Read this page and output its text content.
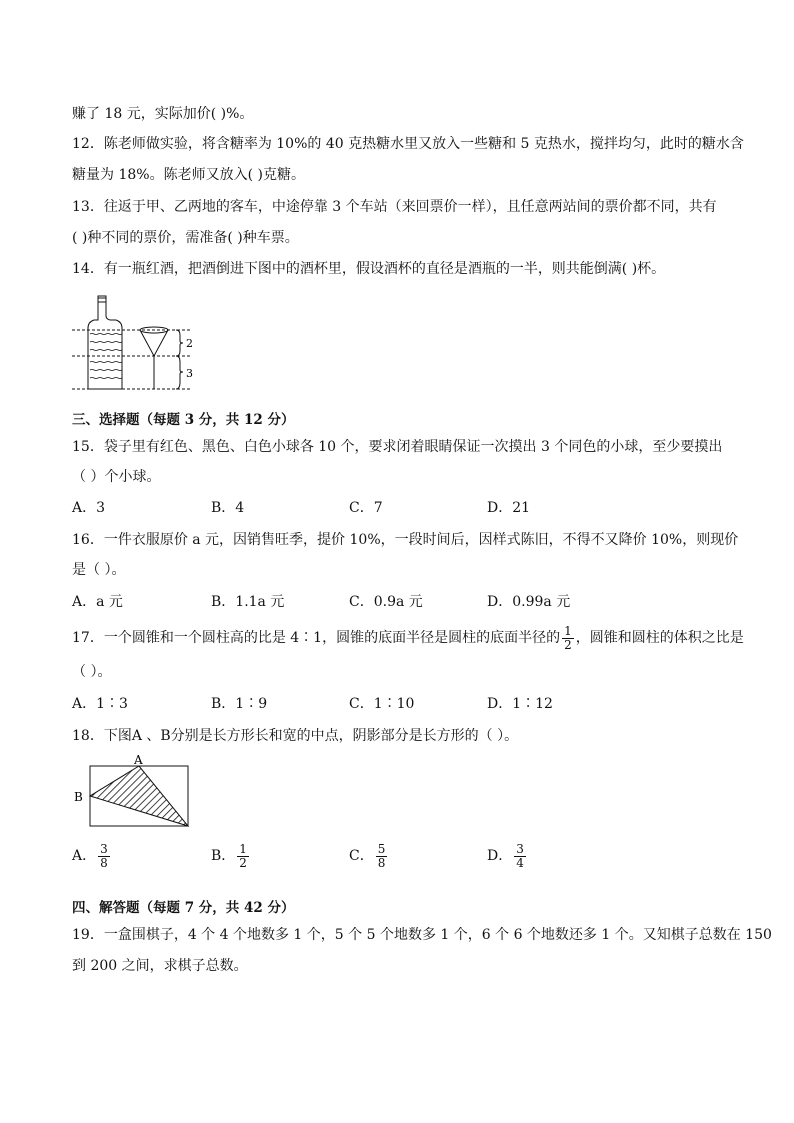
赚了 18 元，实际加价( )%。
12．陈老师做实验，将含糖率为 10%的 40 克热糖水里又放入一些糖和 5 克热水，搅拌均匀，此时的糖水含
糖量为 18%。陈老师又放入( )克糖。
13．往返于甲、乙两地的客车，中途停靠 3 个车站（来回票价一样），且任意两站间的票价都不同，共有
( )种不同的票价，需准备( )种车票。
14．有一瓶红酒，把酒倒进下图中的酒杯里，假设酒杯的直径是酒瓶的一半，则共能倒满( )杯。
2
3
三、选择题（每题 3 分，共 12 分）
15．袋子里有红色、黑色、白色小球各 10 个，要求闭着眼睛保证一次摸出 3 个同色的小球，至少要摸出
（ ）个小球。
A．3	B．4	C．7	D．21
16．一件衣服原价 a 元，因销售旺季，提价 10%，一段时间后，因样式陈旧，不得不又降价 10%，则现价
是（ ）。
A．a 元	B．1.1a 元	C．0.9a 元	D．0.99a 元
17．一个圆锥和一个圆柱高的比是 4∶1，圆锥的底面半径是圆柱的底面半径的 $\frac{1}{2}$ ，圆锥和圆柱的体积之比是
（ ）。
A．1∶3	B．1∶9	C．1∶10	D．1∶12
18．下图A 、B分别是长方形长和宽的中点，阴影部分是长方形的（ ）。
A
B
A． $\frac{3}{8}$	B． $\frac{1}{2}$	C． $\frac{5}{8}$	D． $\frac{3}{4}$
四、解答题（每题 7 分，共 42 分）
19．一盒围棋子，4 个 4 个地数多 1 个，5 个 5 个地数多 1 个，6 个 6 个地数还多 1 个。又知棋子总数在 150
到 200 之间，求棋子总数。
